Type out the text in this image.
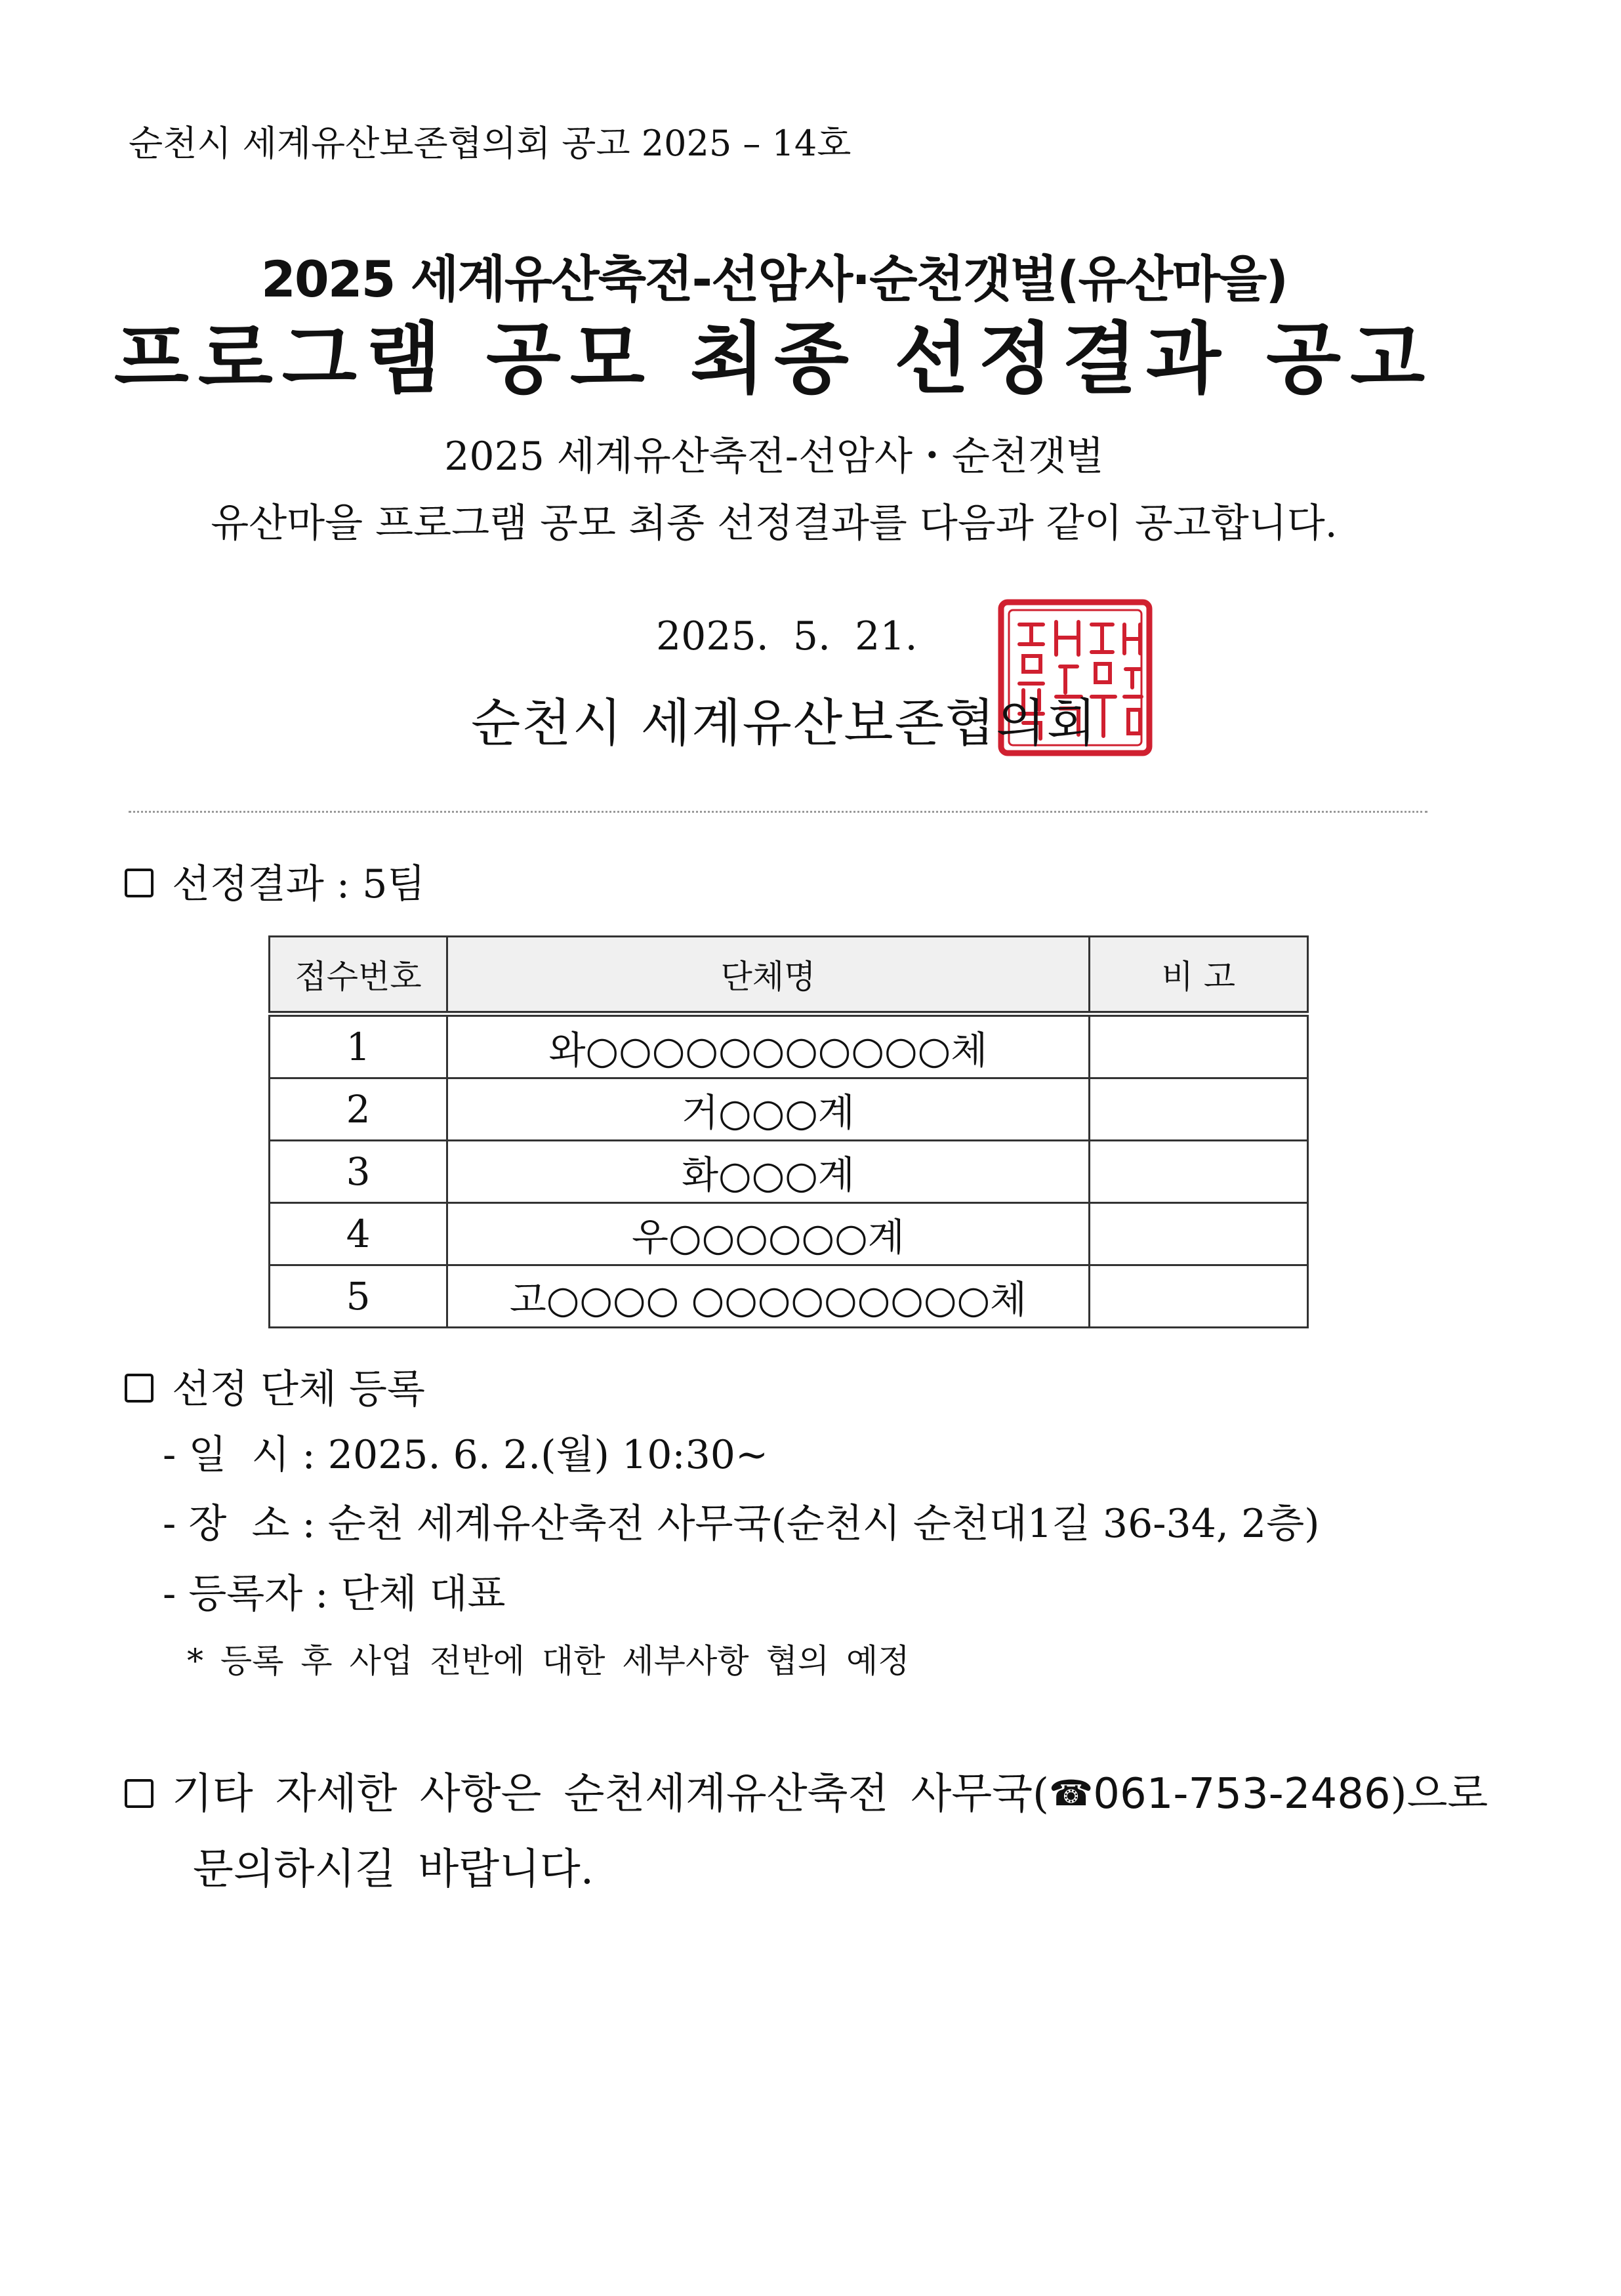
순천시 세계유산보존협의회 공고 2025 – 14호
2025 세계유산축전-선암사·순천갯벌(유산마을)
프로그램 공모 최종 선정결과 공고
2025 세계유산축전-선암사・순천갯벌
유산마을 프로그램 공모 최종 선정결과를 다음과 같이 공고합니다.
2025. 5. 21.
순천시 세계유산보존협의회
선정결과 : 5팀
접수번호	단체명	비 고
1	와○○○○○○○○○○○체	
2	거○○○계	
3	화○○○계	
4	우○○○○○○계	
5	고○○○○ ○○○○○○○○○체	
선정 단체 등록
- 일  시 : 2025. 6. 2.(월) 10:30~
- 장  소 : 순천 세계유산축전 사무국(순천시 순천대1길 36-34, 2층)
- 등록자 : 단체 대표
* 등록 후 사업 전반에 대한 세부사항 협의 예정
기타 자세한 사항은 순천세계유산축전 사무국(☎061-753-2486)으로
문의하시길 바랍니다.
